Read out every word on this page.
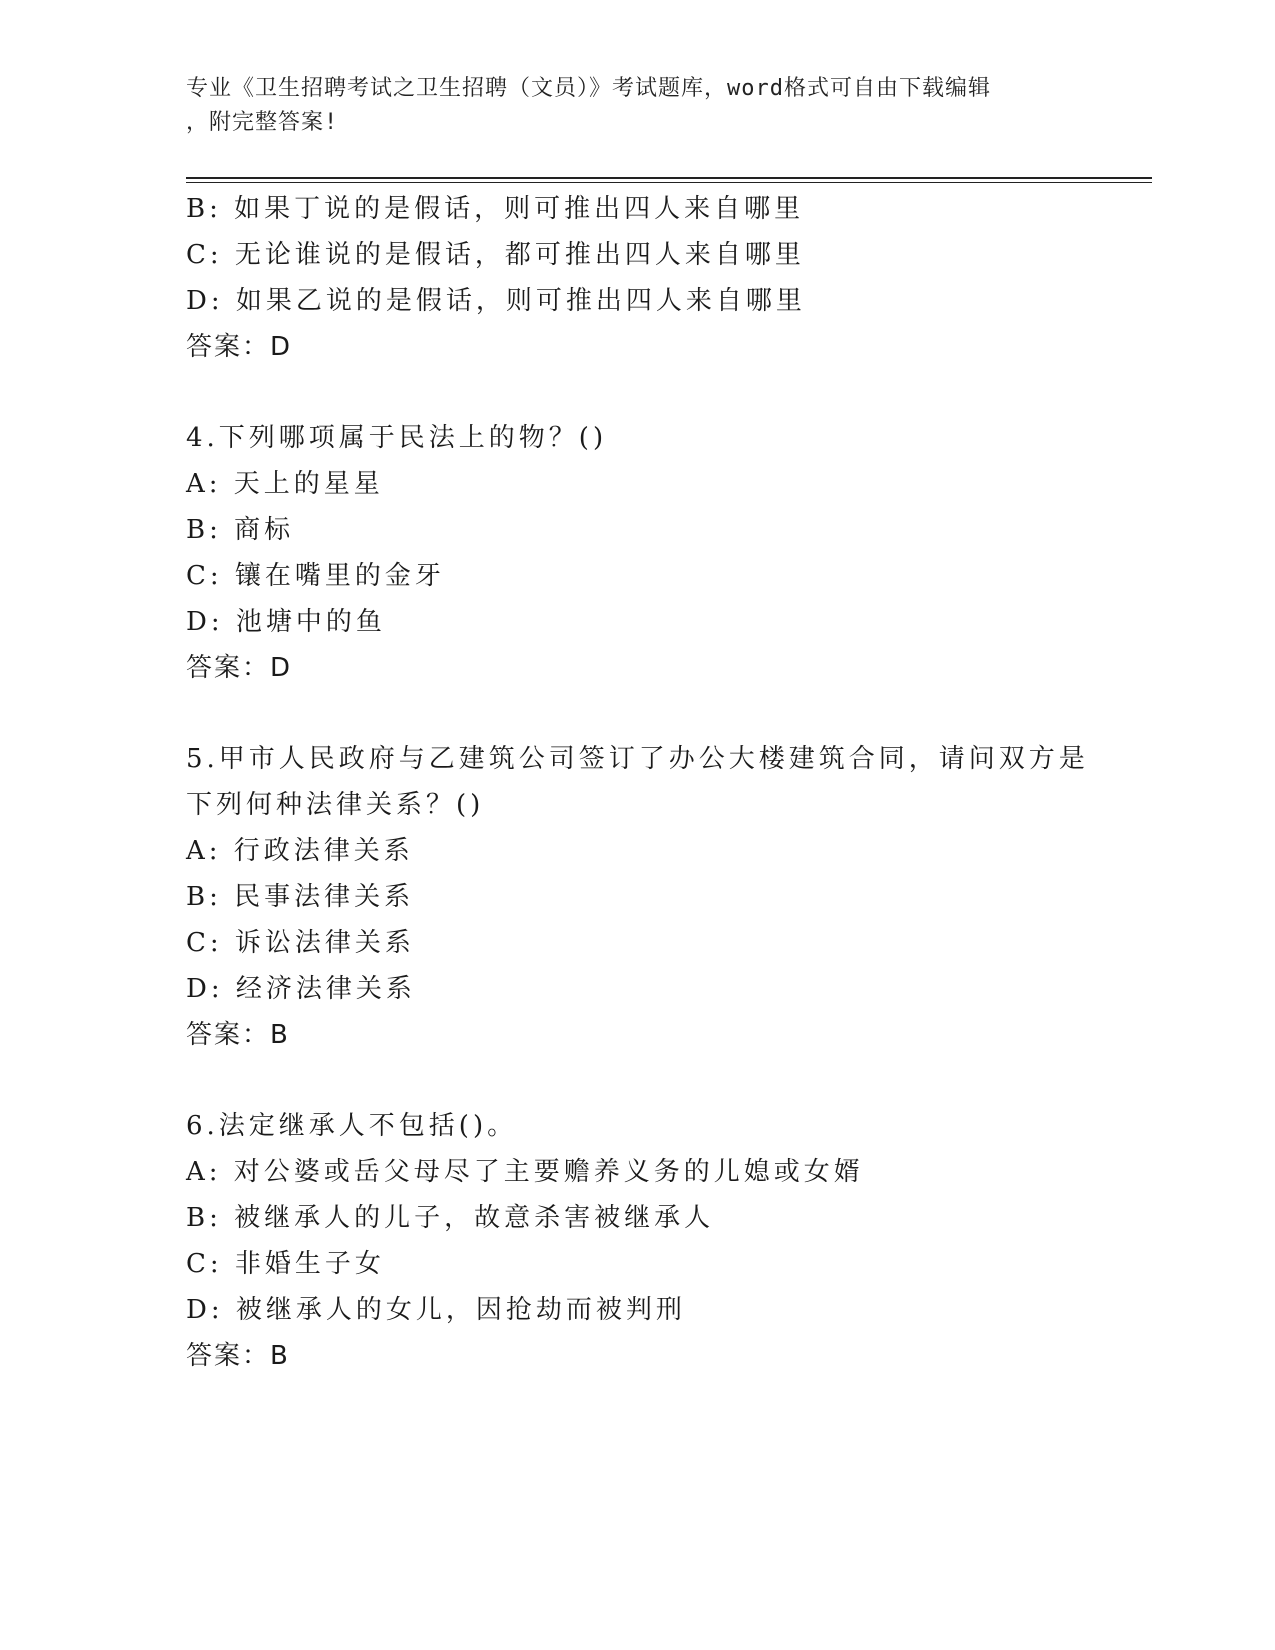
专业《卫生招聘考试之卫生招聘（文员）》考试题库，word格式可自由下载编辑
，附完整答案!
B: 如果丁说的是假话，则可推出四人来自哪里
C: 无论谁说的是假话，都可推出四人来自哪里
D: 如果乙说的是假话，则可推出四人来自哪里
答案：D
4.下列哪项属于民法上的物？()
A: 天上的星星
B: 商标
C: 镶在嘴里的金牙
D: 池塘中的鱼
答案：D
5.甲市人民政府与乙建筑公司签订了办公大楼建筑合同，请问双方是
下列何种法律关系？()
A: 行政法律关系
B: 民事法律关系
C: 诉讼法律关系
D: 经济法律关系
答案：B
6.法定继承人不包括()。
A: 对公婆或岳父母尽了主要赡养义务的儿媳或女婿
B: 被继承人的儿子，故意杀害被继承人
C: 非婚生子女
D: 被继承人的女儿，因抢劫而被判刑
答案：B
